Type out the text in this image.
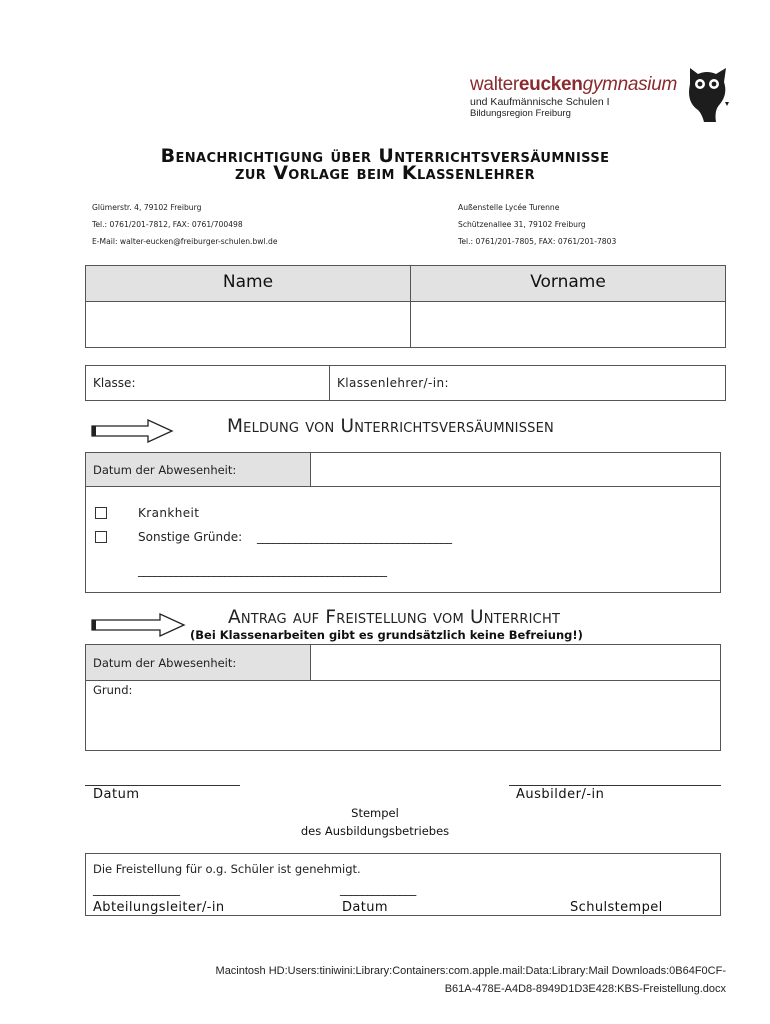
waltereuckengymnasium
und Kaufmännische Schulen I
Bildungsregion Freiburg
Benachrichtigung über Unterrichtsversäumnisse
zur Vorlage beim Klassenlehrer
Glümerstr. 4, 79102 Freiburg
Tel.: 0761/201-7812, FAX: 0761/700498
E-Mail: walter-eucken@freiburger-schulen.bwl.de
Außenstelle Lycée Turenne
Schützenallee 31, 79102 Freiburg
Tel.: 0761/201-7805, FAX: 0761/201-7803
Name	Vorname
Klasse:	Klassenlehrer/-in:
Meldung von Unterrichtsversäumnissen
Datum der Abwesenheit:
Krankheit
Sonstige Gründe: ____________________________________
______________________________________________
Antrag auf Freistellung vom Unterricht
(Bei Klassenarbeiten gibt es grundsätzlich keine Befreiung!)
Datum der Abwesenheit:
Grund:
Datum	Ausbilder/-in
Stempel
des Ausbildungsbetriebes
Die Freistellung für o.g. Schüler ist genehmigt.
________________	______________
Abteilungsleiter/-in	Datum	Schulstempel
Macintosh HD:Users:tiniwini:Library:Containers:com.apple.mail:Data:Library:Mail Downloads:0B64F0CF-
B61A-478E-A4D8-8949D1D3E428:KBS-Freistellung.docx
